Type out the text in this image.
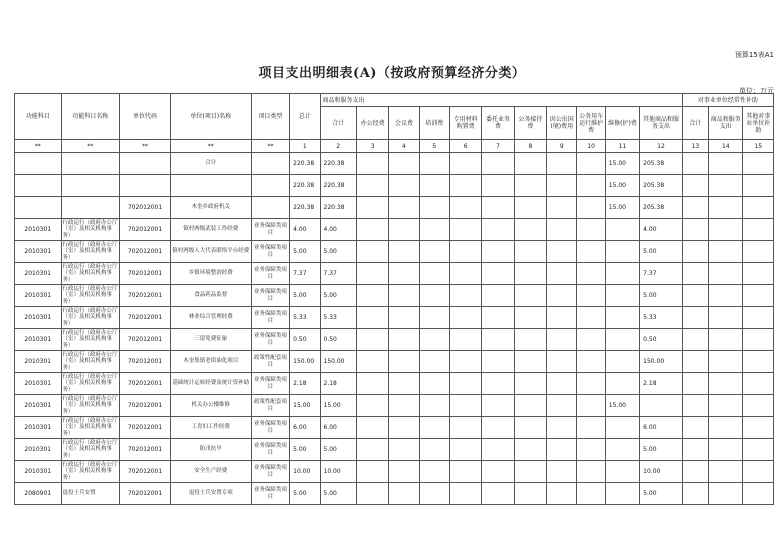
预算15表A1
项目支出明细表(A)（按政府预算经济分类）
单位：万元
功能科目	功能科目名称	单位代码	单位(项目)名称	项目类型	总计	商品和服务支出											对事业单位经常性补助		
						合计	办公经费	会议费	培训费	专用材料购置费	委托业务费	公务接待费	因公出国(境)费用	公务用车运行维护费	维修(护)费	其他商品和服务支出	合计	商品和服务支出	其他对事业单位补助
**	**	**	**	**	1	2	3	4	5	6	7	8	9	10	11	12	13	14	15
			合计		220.38	220.38									15.00	205.38			
					220.38	220.38									15.00	205.38			
		702012001	木奎乡政府机关		220.38	220.38									15.00	205.38			
2010301	行政运行（政府办公厅（室）及相关机构事务）	702012001	镇村两级武装工作经费	业务保障类项目	4.00	4.00										4.00			
2010301	行政运行（政府办公厅（室）及相关机构事务）	702012001	镇村两级人大代表联络平台经费	业务保障类项目	5.00	5.00										5.00			
2010301	行政运行（政府办公厅（室）及相关机构事务）	702012001	乡镇环境整治经费	业务保障类项目	7.37	7.37										7.37			
2010301	行政运行（政府办公厅（室）及相关机构事务）	702012001	食品药品监督	业务保障类项目	5.00	5.00										5.00			
2010301	行政运行（政府办公厅（室）及相关机构事务）	702012001	林业综合管理经费	业务保障类项目	5.33	5.33										5.33			
2010301	行政运行（政府办公厅（室）及相关机构事务）	702012001	三留免费征象	业务保障类项目	0.50	0.50										0.50			
2010301	行政运行（政府办公厅（室）及相关机构事务）	702012001	木奎集镇老街油化项目	政策性配套项目	150.00	150.00										150.00			
2010301	行政运行（政府办公厅（室）及相关机构事务）	702012001	基础统计运转经费及统计资补助	业务保障类项目	2.18	2.18										2.18			
2010301	行政运行（政府办公厅（室）及相关机构事务）	702012001	机关办公楼维修	政策性配套项目	15.00	15.00									15.00				
2010301	行政运行（政府办公厅（室）及相关机构事务）	702012001	工青妇工作经费	业务保障类项目	6.00	6.00										6.00			
2010301	行政运行（政府办公厅（室）及相关机构事务）	702012001	防汛抗旱	业务保障类项目	5.00	5.00										5.00			
2010301	行政运行（政府办公厅（室）及相关机构事务）	702012001	安全生产经费	业务保障类项目	10.00	10.00										10.00			
2080901	退役士兵安置	702012001	退役士兵安置专项	业务保障类项目	5.00	5.00										5.00			
